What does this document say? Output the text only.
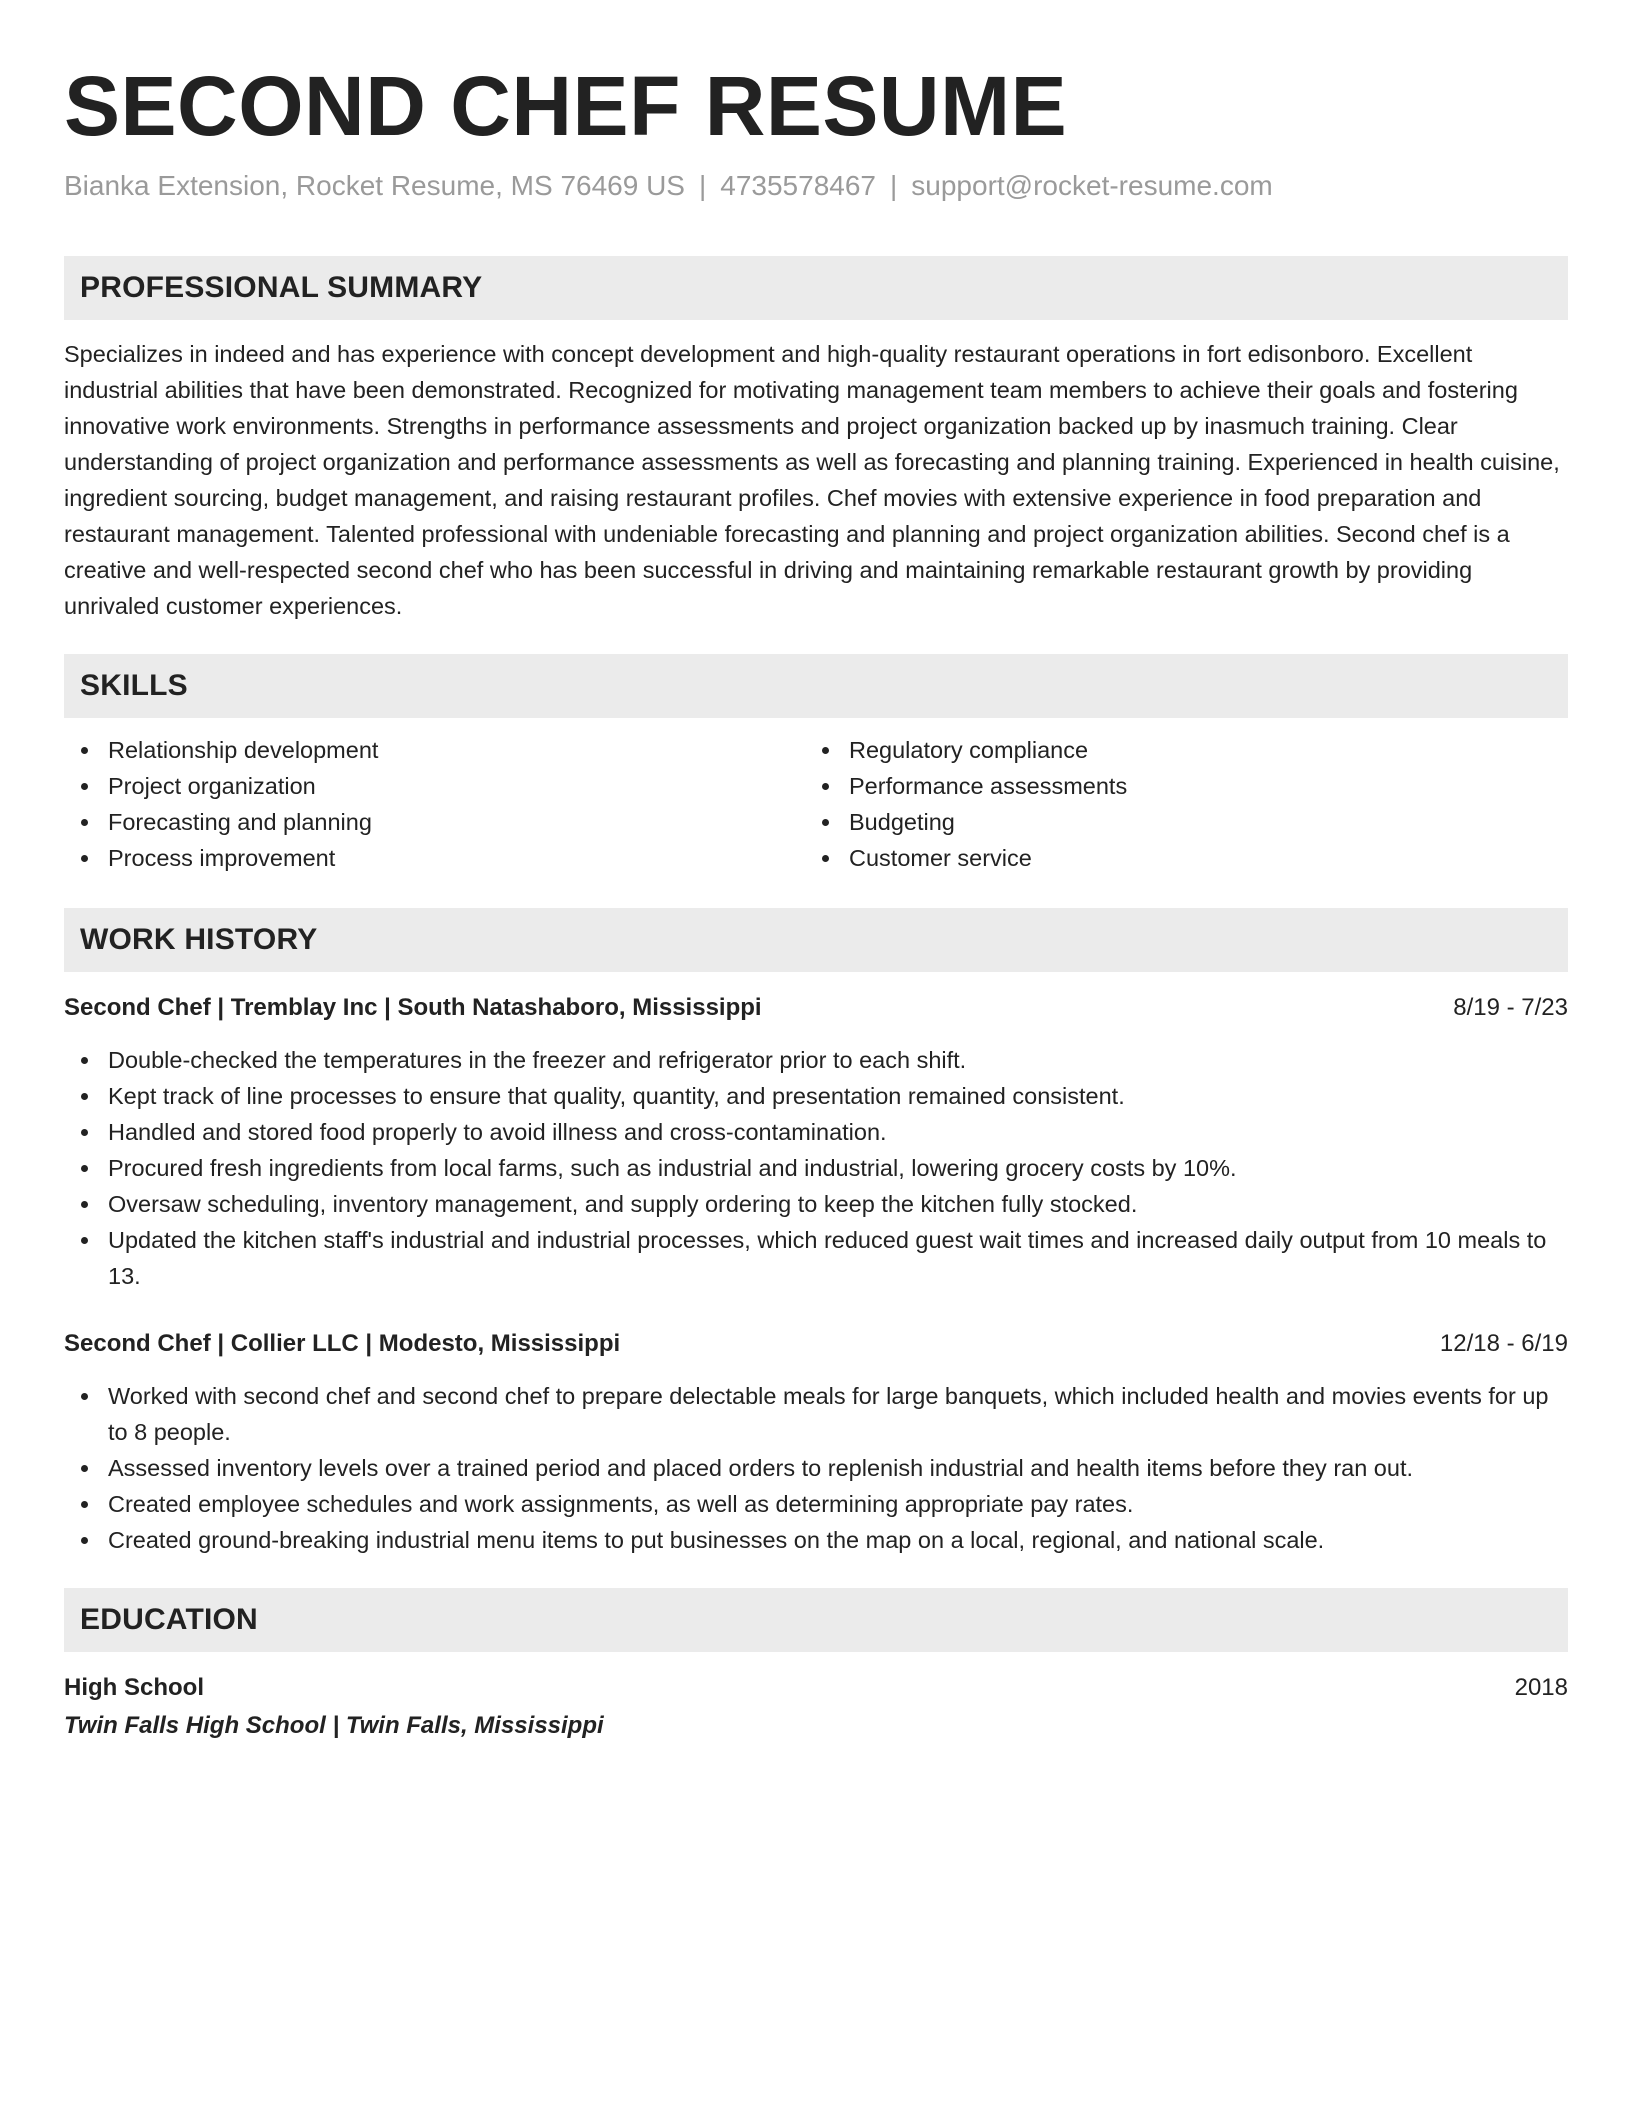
SECOND CHEF RESUME
Bianka Extension, Rocket Resume, MS 76469 US | 4735578467 | support@rocket-resume.com
PROFESSIONAL SUMMARY
Specializes in indeed and has experience with concept development and high-quality restaurant operations in fort edisonboro. Excellent industrial abilities that have been demonstrated. Recognized for motivating management team members to achieve their goals and fostering innovative work environments. Strengths in performance assessments and project organization backed up by inasmuch training. Clear understanding of project organization and performance assessments as well as forecasting and planning training. Experienced in health cuisine, ingredient sourcing, budget management, and raising restaurant profiles. Chef movies with extensive experience in food preparation and restaurant management. Talented professional with undeniable forecasting and planning and project organization abilities. Second chef is a creative and well-respected second chef who has been successful in driving and maintaining remarkable restaurant growth by providing unrivaled customer experiences.
SKILLS
Relationship development
Project organization
Forecasting and planning
Process improvement
Regulatory compliance
Performance assessments
Budgeting
Customer service
WORK HISTORY
Second Chef | Tremblay Inc | South Natashaboro, Mississippi	8/19 - 7/23
Double-checked the temperatures in the freezer and refrigerator prior to each shift.
Kept track of line processes to ensure that quality, quantity, and presentation remained consistent.
Handled and stored food properly to avoid illness and cross-contamination.
Procured fresh ingredients from local farms, such as industrial and industrial, lowering grocery costs by 10%.
Oversaw scheduling, inventory management, and supply ordering to keep the kitchen fully stocked.
Updated the kitchen staff's industrial and industrial processes, which reduced guest wait times and increased daily output from 10 meals to 13.
Second Chef | Collier LLC | Modesto, Mississippi	12/18 - 6/19
Worked with second chef and second chef to prepare delectable meals for large banquets, which included health and movies events for up to 8 people.
Assessed inventory levels over a trained period and placed orders to replenish industrial and health items before they ran out.
Created employee schedules and work assignments, as well as determining appropriate pay rates.
Created ground-breaking industrial menu items to put businesses on the map on a local, regional, and national scale.
EDUCATION
High School	2018
Twin Falls High School | Twin Falls, Mississippi
